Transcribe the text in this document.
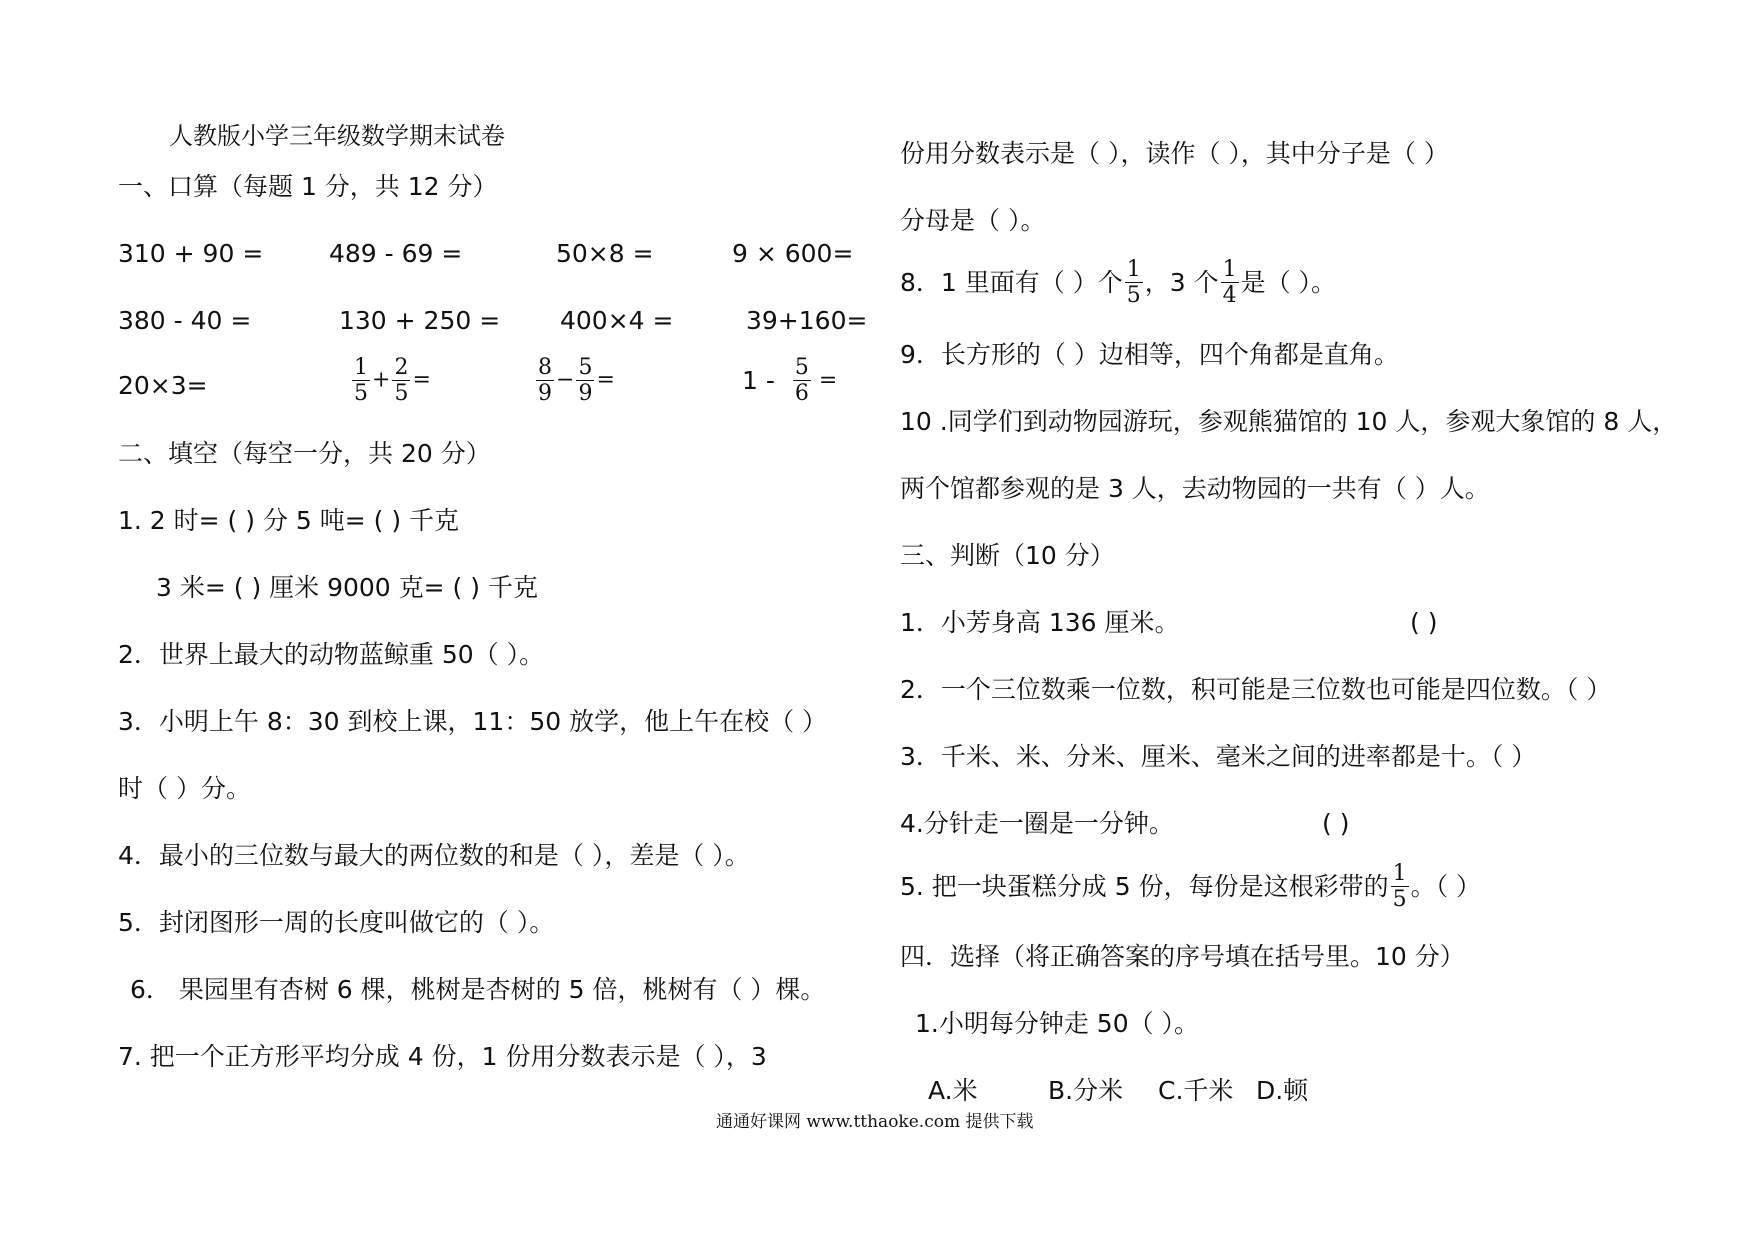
人教版小学三年级数学期末试卷
一、口算（每题 1 分，共 12 分）
310 + 90 =	489 - 69 =	50×8 =	9 × 600=
380 - 40 =	130 + 250 = 400×4 =	39+160=
20×3=	$\frac{1}{5} + \frac{2}{5}$ =	$\frac{8}{9} - \frac{5}{9}$ =	$1 - \frac{5}{6}$ =
二、填空（每空一分，共 20 分）
1. 2 时= ( ) 分 5 吨= ( ) 千克
3 米= ( ) 厘米 9000 克= ( ) 千克
2．世界上最大的动物蓝鲸重 50（ ）。
3．小明上午 8：30 到校上课，11：50 放学，他上午在校（ ）
时（ ）分。
4．最小的三位数与最大的两位数的和是（ ），差是（ ）。
5．封闭图形一周的长度叫做它的（ ）。
6． 果园里有杏树 6 棵，桃树是杏树的 5 倍，桃树有（ ）棵。
7. 把一个正方形平均分成 4 份，1 份用分数表示是（ ），3
份用分数表示是（ ），读作（ ），其中分子是（ ）
分母是（ ）。
8．1 里面有（ ）个 $\frac{1}{5}$ ，3 个 $\frac{1}{4}$ 是（ ）。
9．长方形的（ ）边相等，四个角都是直角。
10 .同学们到动物园游玩，参观熊猫馆的 10 人，参观大象馆的 8 人，
两个馆都参观的是 3 人，去动物园的一共有（ ）人。
三、判断（10 分）
1．小芳身高 136 厘米。	( )
2．一个三位数乘一位数，积可能是三位数也可能是四位数。（ ）
3．千米、米、分米、厘米、毫米之间的进率都是十。（ ）
4.分针走一圈是一分钟。	( )
5. 把一块蛋糕分成 5 份，每份是这根彩带的 $\frac{1}{5}$ 。（ ）
四．选择（将正确答案的序号填在括号里。10 分）
1.小明每分钟走 50（ ）。
A.米	B.分米 C.千米 D.顿
通通好课网 www.tthaoke.com 提供下载
